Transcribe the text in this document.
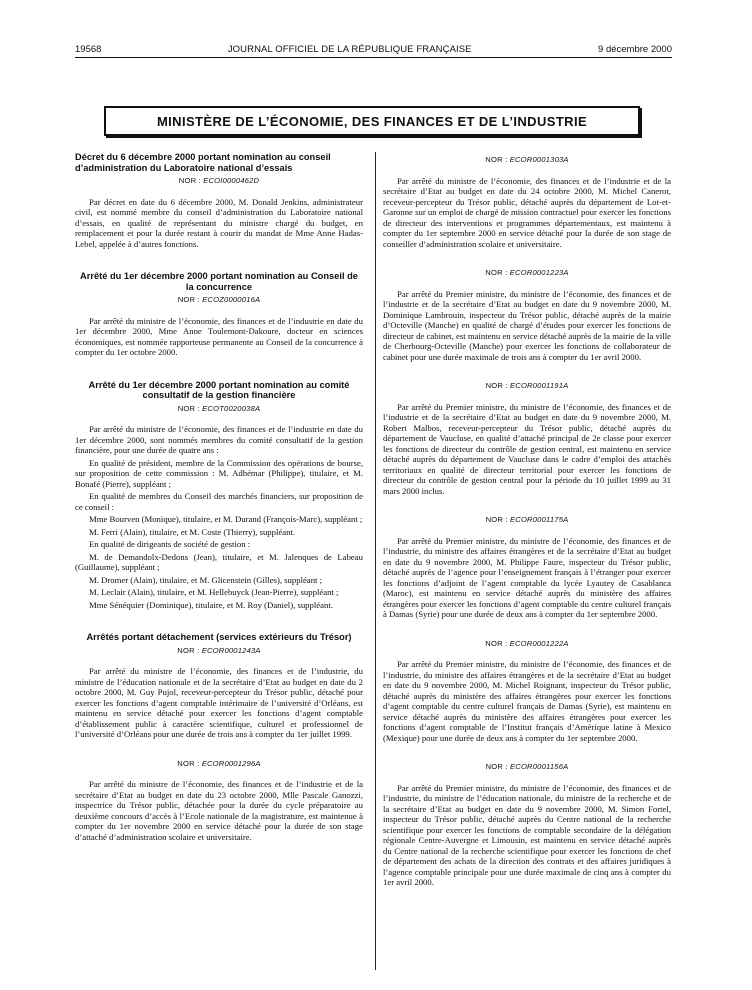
19568	JOURNAL OFFICIEL DE LA RÉPUBLIQUE FRANÇAISE	9 décembre 2000
MINISTÈRE DE L’ÉCONOMIE, DES FINANCES ET DE L’INDUSTRIE
Décret du 6 décembre 2000 portant nomination au conseil d’administration du Laboratoire national d’essais
NOR : ECOI0000462D

Par décret en date du 6 décembre 2000, M. Donald Jenkins, administrateur civil, est nommé membre du conseil d’administration du Laboratoire national d’essais, en qualité de représentant du ministre chargé du budget, en remplacement et pour la durée restant à courir du mandat de Mme Anne Hadas-Lebel, appelée à d’autres fonctions.

Arrêté du 1er décembre 2000 portant nomination au Conseil de la concurrence
NOR : ECOZ0000016A

Par arrêté du ministre de l’économie, des finances et de l’industrie en date du 1er décembre 2000, Mme Anne Toulemont-Dakoure, docteur en sciences économiques, est nommée rapporteuse permanente au Conseil de la concurrence à compter du 1er octobre 2000.

Arrêté du 1er décembre 2000 portant nomination au comité consultatif de la gestion financière
NOR : ECOT0020038A

Par arrêté du ministre de l’économie, des finances et de l’industrie en date du 1er décembre 2000, sont nommés membres du comité consultatif de la gestion financière, pour une durée de quatre ans :

En qualité de président, membre de la Commission des opérations de bourse, sur proposition de cette commission : M. Adhémar (Philippe), titulaire, et M. Bonafé (Pierre), suppléant ;

En qualité de membres du Conseil des marchés financiers, sur proposition de ce conseil :

Mme Bourven (Monique), titulaire, et M. Durand (François-Marc), suppléant ;

M. Ferri (Alain), titulaire, et M. Coste (Thierry), suppléant.

En qualité de dirigeants de société de gestion :

M. de Demandolx-Dedons (Jean), titulaire, et M. Jalenques de Labeau (Guillaume), suppléant ;

M. Dromer (Alain), titulaire, et M. Glicenstein (Gilles), suppléant ;

M. Leclair (Alain), titulaire, et M. Hellebuyck (Jean-Pierre), suppléant ;

Mme Sénéquier (Dominique), titulaire, et M. Roy (Daniel), suppléant.

Arrêtés portant détachement (services extérieurs du Trésor)
NOR : ECOR0001243A

Par arrêté du ministre de l’économie, des finances et de l’industrie, du ministre de l’éducation nationale et de la secrétaire d’Etat au budget en date du 2 octobre 2000, M. Guy Pujol, receveur-percepteur du Trésor public, détaché pour exercer les fonctions d’agent comptable intérimaire de l’université d’Orléans, est maintenu en service détaché pour exercer les fonctions d’agent comptable d’établissement public à caractère scientifique, culturel et professionnel de l’université d’Orléans pour une durée de trois ans à compter du 1er juillet 1999.

NOR : ECOR0001296A

Par arrêté du ministre de l’économie, des finances et de l’industrie et de la secrétaire d’Etat au budget en date du 23 octobre 2000, Mlle Pascale Ganozzi, inspectrice du Trésor public, détachée pour la durée du cycle préparatoire au deuxième concours d’accès à l’Ecole nationale de la magistrature, est maintenue à compter du 1er novembre 2000 en service détaché pour la durée de son stage d’attaché d’administration scolaire et universitaire.

NOR : ECOR0001303A

Par arrêté du ministre de l’économie, des finances et de l’industrie et de la secrétaire d’Etat au budget en date du 24 octobre 2000, M. Michel Canerot, receveur-percepteur du Trésor public, détaché auprès du département de Lot-et-Garonne sur un emploi de chargé de mission contractuel pour exercer les fonctions de directeur des interventions et programmes départementaux, est maintenu à compter du 1er septembre 2000 en service détaché pour la durée de son stage de conseiller d’administration scolaire et universitaire.

NOR : ECOR0001223A

Par arrêté du Premier ministre, du ministre de l’économie, des finances et de l’industrie et de la secrétaire d’Etat au budget en date du 9 novembre 2000, M. Dominique Lambrouin, inspecteur du Trésor public, détaché auprès de la mairie d’Octeville (Manche) en qualité de chargé d’études pour exercer les fonctions de directeur de cabinet, est maintenu en service détaché auprès de la mairie de la ville de Cherbourg-Octeville (Manche) pour exercer les fonctions de collaborateur de cabinet pour une durée maximale de trois ans à compter du 1er avril 2000.

NOR : ECOR0001191A

Par arrêté du Premier ministre, du ministre de l’économie, des finances et de l’industrie et de la secrétaire d’Etat au budget en date du 9 novembre 2000, M. Robert Malbos, receveur-percepteur du Trésor public, détaché auprès du département de Vaucluse, en qualité d’attaché principal de 2e classe pour exercer les fonctions de directeur du contrôle de gestion central, est maintenu en service détaché auprès du département de Vaucluse dans le cadre d’emploi des attachés territoriaux en qualité de directeur territorial pour exercer les fonctions de directeur du contrôle de gestion central pour la période du 10 juillet 1999 au 31 mars 2000 inclus.

NOR : ECOR0001175A

Par arrêté du Premier ministre, du ministre de l’économie, des finances et de l’industrie, du ministre des affaires étrangères et de la secrétaire d’Etat au budget en date du 9 novembre 2000, M. Philippe Faure, inspecteur du Trésor public, détaché auprès de l’agence pour l’enseignement français à l’étranger pour exercer les fonctions d’adjoint de l’agent comptable du lycée Lyautey de Casablanca (Maroc), est maintenu en service détaché auprès du ministère des affaires étrangères pour exercer les fonctions d’agent comptable du centre culturel français à Damas (Syrie) pour une durée de deux ans à compter du 1er septembre 2000.

NOR : ECOR0001222A

Par arrêté du Premier ministre, du ministre de l’économie, des finances et de l’industrie, du ministre des affaires étrangères et de la secrétaire d’Etat au budget en date du 9 novembre 2000, M. Michel Roignant, inspecteur du Trésor public, détaché auprès du ministère des affaires étrangères pour exercer les fonctions d’agent comptable du centre culturel français de Damas (Syrie), est maintenu en service détaché auprès du ministère des affaires étrangères pour exercer les fonctions d’agent comptable de l’Institut français d’Amérique latine à Mexico (Mexique) pour une durée de deux ans à compter du 1er septembre 2000.

NOR : ECOR0001156A

Par arrêté du Premier ministre, du ministre de l’économie, des finances et de l’industrie, du ministre de l’éducation nationale, du ministre de la recherche et de la secrétaire d’Etat au budget en date du 9 novembre 2000, M. Simon Fortel, inspecteur du Trésor public, détaché auprès du Centre national de la recherche scientifique pour exercer les fonctions de comptable secondaire de la délégation régionale Centre-Auvergne et Limousin, est maintenu en service détaché auprès du Centre national de la recherche scientifique pour exercer les fonctions de chef de département des achats de la direction des contrats et des affaires juridiques à l’agence comptable principale pour une durée maximale de cinq ans à compter du 1er avril 2000.
